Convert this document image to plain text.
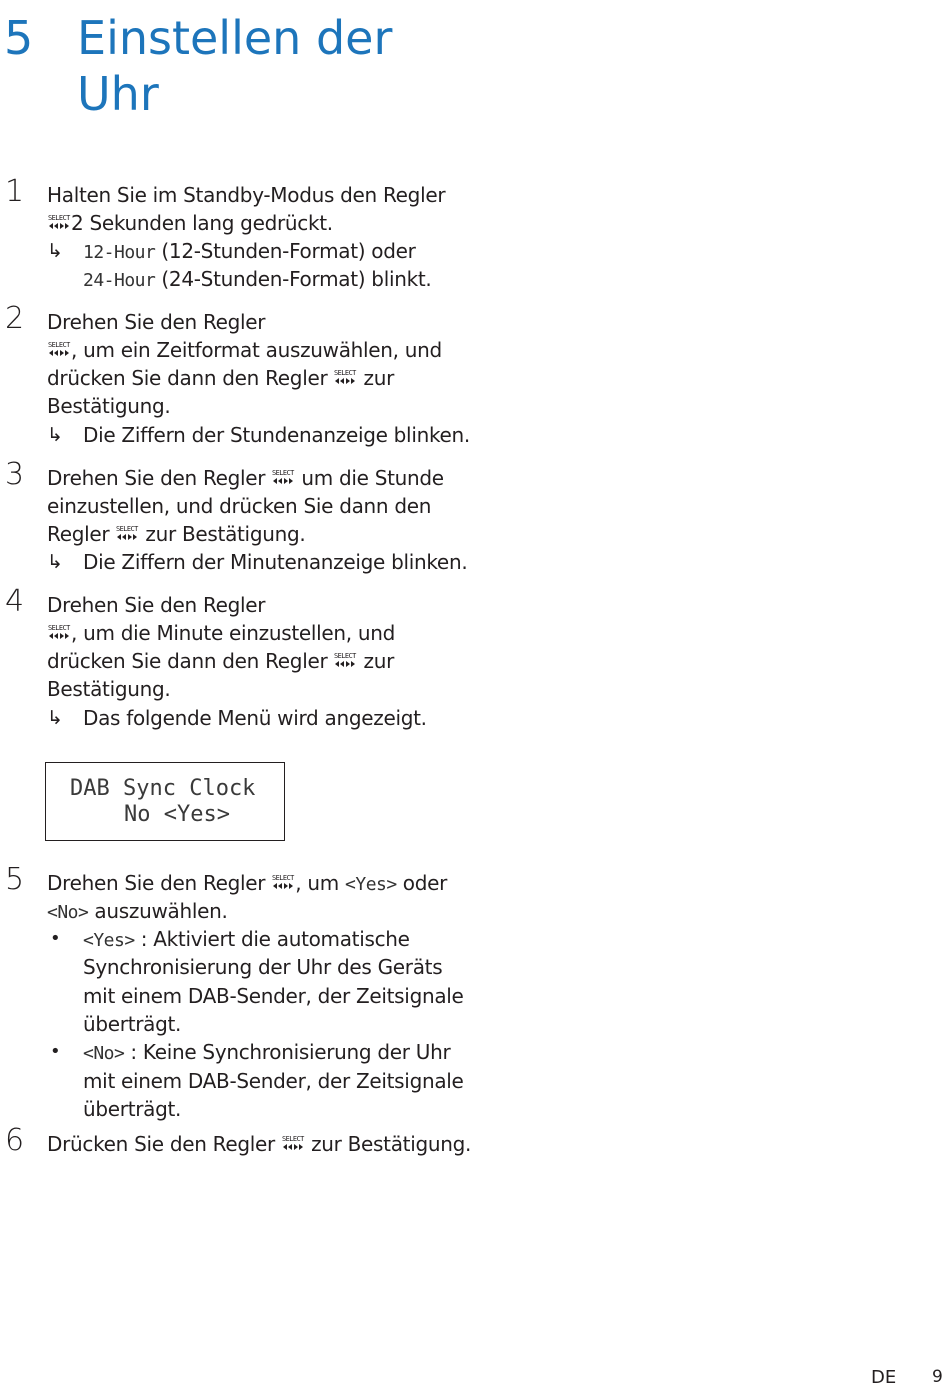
5 Einstellen der Uhr
1 Halten Sie im Standby-Modus den Regler
2 Sekunden lang gedrückt.
↳ 12-Hour (12-Stunden-Format) oder
24-Hour (24-Stunden-Format) blinkt.
2 Drehen Sie den Regler
, um ein Zeitformat auszuwählen, und
drücken Sie dann den Regler zur
Bestätigung.
↳ Die Ziffern der Stundenanzeige blinken.
3 Drehen Sie den Regler um die Stunde
einzustellen, und drücken Sie dann den
Regler zur Bestätigung.
↳ Die Ziffern der Minutenanzeige blinken.
4 Drehen Sie den Regler
, um die Minute einzustellen, und
drücken Sie dann den Regler zur
Bestätigung.
↳ Das folgende Menü wird angezeigt.
DAB Sync Clock
No <Yes>
5 Drehen Sie den Regler , um <Yes> oder
<No> auszuwählen.
• <Yes> : Aktiviert die automatische
Synchronisierung der Uhr des Geräts
mit einem DAB-Sender, der Zeitsignale
überträgt.
• <No> : Keine Synchronisierung der Uhr
mit einem DAB-Sender, der Zeitsignale
überträgt.
6 Drücken Sie den Regler zur Bestätigung.
DE 9
